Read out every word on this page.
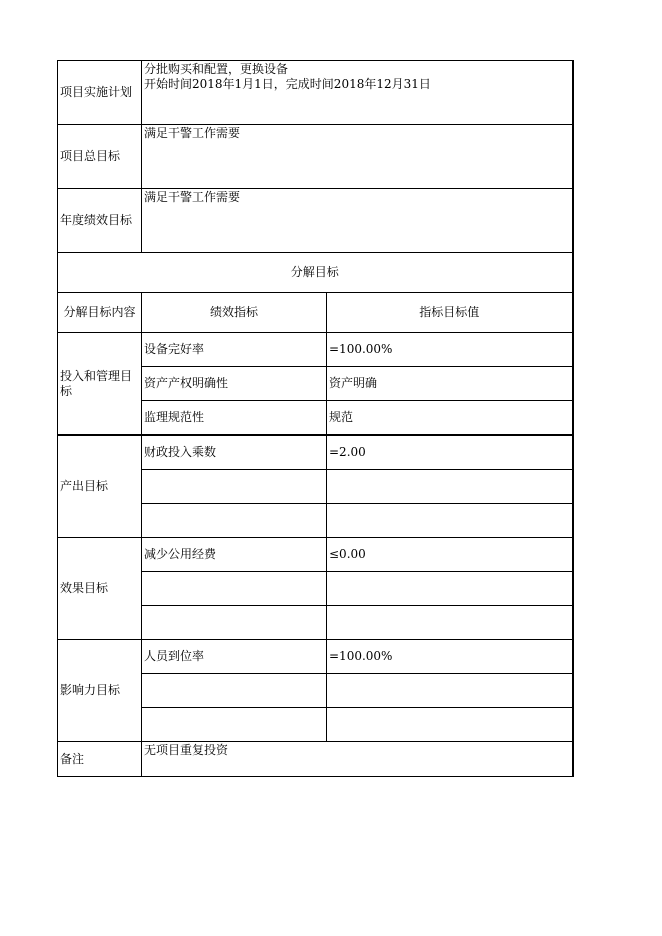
项目实施计划	分批购买和配置，更换设备
开始时间2018年1月1日，完成时间2018年12月31日	

项目总目标	满足干警工作需要	
年度绩效目标	满足干警工作需要	
分解目标		
分解目标内容	绩效指标	指标目标值
投入和管理目标	设备完好率	=100.00%
	资产产权明确性	资产明确
	监理规范性	规范
产出目标	财政投入乘数	=2.00

效果目标	减少公用经费	≤0.00

影响力目标	人员到位率	=100.00%

备注	无项目重复投资	
